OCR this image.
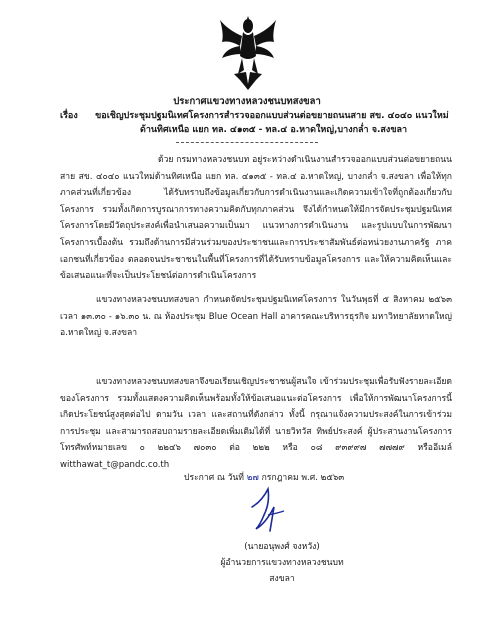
ประกาศแขวงทางหลวงชนบทสงขลา
เรื่อง ขอเชิญประชุมปฐมนิเทศโครงการสำรวจออกแบบส่วนต่อขยายถนนสาย สข. ๔๐๔๐ แนวใหม่
ด้านทิศเหนือ แยก ทล. ๔๑๓๕ - ทล.๔ อ.หาดใหญ่,บางกล่ำ จ.สงขลา
ด้วย กรมทางหลวงชนบท อยู่ระหว่างดำเนินงานสำรวจออกแบบส่วนต่อขยายถนนสาย สข. ๔๐๔๐ แนวใหม่ด้านทิศเหนือ แยก ทล. ๔๑๓๕ - ทล.๔ อ.หาดใหญ่, บางกล่ำ จ.สงขลา เพื่อให้ทุกภาคส่วนที่เกี่ยวข้อง ได้รับทราบถึงข้อมูลเกี่ยวกับการดำเนินงานและเกิดความเข้าใจที่ถูกต้องเกี่ยวกับโครงการ รวมทั้งเกิดการบูรณาการทางความคิดกับทุกภาคส่วน จึงได้กำหนดให้มีการจัดประชุมปฐมนิเทศโครงการโดยมีวัตถุประสงค์เพื่อนำเสนอความเป็นมา แนวทางการดำเนินงาน และรูปแบบในการพัฒนาโครงการเบื้องต้น รวมถึงด้านการมีส่วนร่วมของประชาชนและการประชาสัมพันธ์ต่อหน่วยงานภาครัฐ ภาคเอกชนที่เกี่ยวข้อง ตลอดจนประชาชนในพื้นที่โครงการที่ได้รับทราบข้อมูลโครงการ และให้ความคิดเห็นและข้อเสนอแนะที่จะเป็นประโยชน์ต่อการดำเนินโครงการ
แขวงทางหลวงชนบทสงขลา กำหนดจัดประชุมปฐมนิเทศโครงการ ในวันพุธที่ ๕ สิงหาคม ๒๕๖๓ เวลา ๑๓.๓๐ - ๑๖.๓๐ น. ณ ห้องประชุม Blue Ocean Hall อาคารคณะบริหารธุรกิจ มหาวิทยาลัยหาดใหญ่ อ.หาดใหญ่ จ.สงขลา
แขวงทางหลวงชนบทสงขลาจึงขอเรียนเชิญประชาชนผู้สนใจ เข้าร่วมประชุมเพื่อรับฟังรายละเอียด ของโครงการ รวมทั้งแสดงความคิดเห็นพร้อมทั้งให้ข้อเสนอแนะต่อโครงการ เพื่อให้การพัฒนาโครงการนี้เกิดประโยชน์สูงสุดต่อไป ตามวัน เวลา และสถานที่ดังกล่าว ทั้งนี้ กรุณาแจ้งความประสงค์ในการเข้าร่วมการประชุม และสามารถสอบถามรายละเอียดเพิ่มเติมได้ที่ นายวิทวัส ทิพย์ประสงค์ ผู้ประสานงานโครงการ โทรศัพท์หมายเลข ๐ ๒๒๔๖ ๗๐๓๐ ต่อ ๒๒๒ หรือ ๐๘ ๙๓๙๙๗ ๗๗๗๙ หรืออีเมล์ witthawat_t@pandc.co.th
ประกาศ ณ วันที่ ๒๗ กรกฎาคม พ.ศ. ๒๕๖๓
(นายอนุพงศ์ จงหวัง)
ผู้อำนวยการแขวงทางหลวงชนบทสงขลา
